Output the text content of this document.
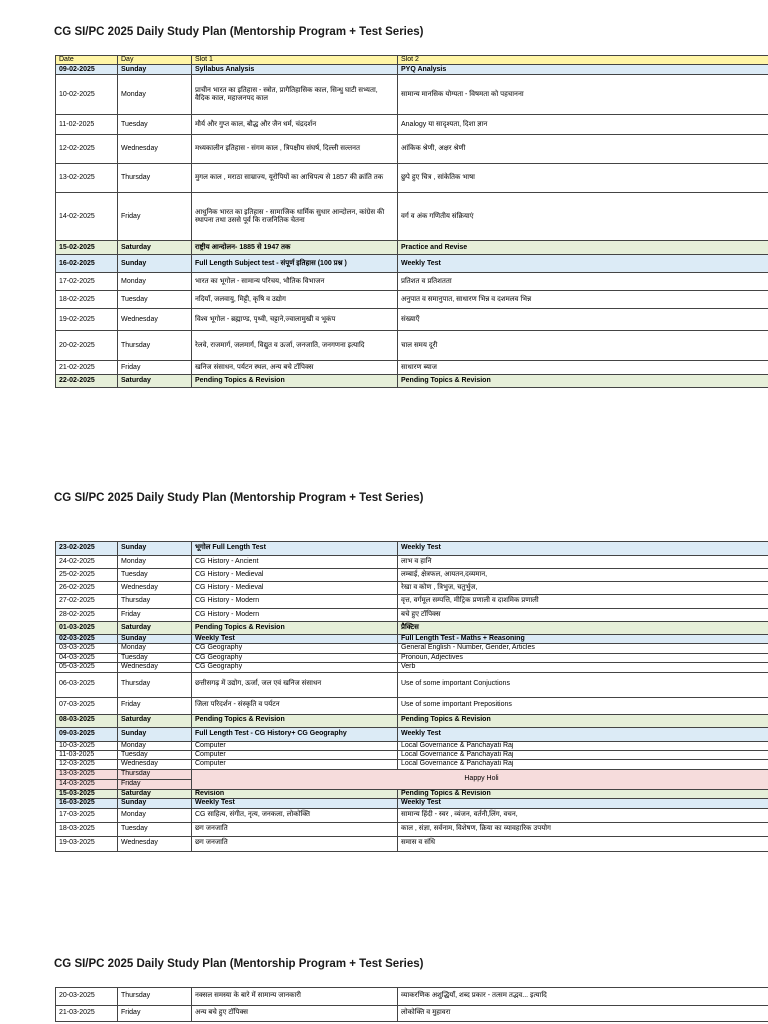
CG SI/PC 2025 Daily Study Plan (Mentorship Program + Test Series)
Date	Day	Slot 1	Slot 2
09-02-2025	Sunday	Syllabus Analysis	PYQ Analysis
10-02-2025	Monday	प्राचीन भारत का इतिहास - स्त्रोत, प्रागैतिहासिक काल, सिन्धु घाटी सभ्यता, वैदिक काल, महाजनपद काल	सामान्य मानसिक योग्यता - विषमता को पहचानना
11-02-2025	Tuesday	मौर्य और गुप्त काल, बौद्ध और जैन धर्म, चंद्रदर्शन	Analogy या सादृश्यता, दिशा ज्ञान
12-02-2025	Wednesday	मध्यकालीन इतिहास - संगम काल , त्रिपक्षीय संघर्ष, दिल्ली सल्तनत	आंकिक श्रेणी, अक्षर श्रेणी
13-02-2025	Thursday	मुगल काल , मराठा साम्राज्य, यूरोपियों का आधिपत्य से 1857 की क्रांति तक	छुपे हुए चित्र , सांकेतिक भाषा
14-02-2025	Friday	आधुनिक भारत का इतिहास - सामाजिक धार्मिक सुधार आन्दोलन, कांग्रेस की स्थापना तथा उससे पूर्व कि राजनितिक चेतना	वर्ग व अंक गणितीय संक्रियाएं
15-02-2025	Saturday	राष्ट्रीय आन्दोलन- 1885 से 1947 तक	Practice and Revise
16-02-2025	Sunday	Full Length Subject test - संपूर्ण इतिहास (100 प्रश्न )	Weekly Test
17-02-2025	Monday	भारत का भूगोल - सामान्य परिचय, भौतिक विभाजन	प्रतिशत व प्रतिशतता
18-02-2025	Tuesday	नदियाँ, जलवायु, मिट्टी, कृषि व उद्योग	अनुपात व समानुपात, साधारण भिन्न व दशमलव भिन्न
19-02-2025	Wednesday	विश्व भूगोल - ब्रह्माण्ड, पृथ्वी, चट्टाने,ज्वालामुखी व भूकंप	संख्याएँ
20-02-2025	Thursday	रेलवे, राजमार्ग, जलमार्ग, विद्युत व ऊर्जा, जनजाति, जनगणना इत्यादि	चाल समय दूरी
21-02-2025	Friday	खनिज संसाधन, पर्यटन स्थल, अन्य बचे टॉपिक्स	साधारण ब्याज
22-02-2025	Saturday	Pending Topics & Revision	Pending Topics & Revision
CG SI/PC 2025 Daily Study Plan (Mentorship Program + Test Series)
23-02-2025	Sunday	भूगोल Full Length Test	Weekly Test
24-02-2025	Monday	CG History - Ancient	लाभ व हानि
25-02-2025	Tuesday	CG History - Medieval	लम्बाई, क्षेत्रफल, आयतन,दव्यमान,
26-02-2025	Wednesday	CG History - Medieval	रेखा व कोण , त्रिभुज, चतुर्भुज,
27-02-2025	Thursday	CG History - Modern	वृत्त, वर्गमूल सम्पत्ति, मीट्रिक प्रणाली व दाशमिक प्रणाली
28-02-2025	Friday	CG History - Modern	बचे हुए टॉपिक्स
01-03-2025	Saturday	Pending Topics & Revision	प्रैक्टिस
02-03-2025	Sunday	Weekly Test	Full Length Test - Maths + Reasoning
03-03-2025	Monday	CG Geography	General English - Number, Gender, Articles
04-03-2025	Tuesday	CG Geography	Pronoun, Adjectives
05-03-2025	Wednesday	CG Geography	Verb
06-03-2025	Thursday	छत्तीसगढ़ में उद्योग, ऊर्जा, जल एवं खनिज संसाधन	Use of some important Conjuctions
07-03-2025	Friday	जिला परिदर्शन - संस्कृति व पर्यटन	Use of some important Prepositions
08-03-2025	Saturday	Pending Topics & Revision	Pending Topics & Revision
09-03-2025	Sunday	Full Length Test - CG History+ CG Geography	Weekly Test
10-03-2025	Monday	Computer	Local Governance & Panchayati Raj
11-03-2025	Tuesday	Computer	Local Governance & Panchayati Raj
12-03-2025	Wednesday	Computer	Local Governance & Panchayati Raj
13-03-2025	Thursday	Happy Holi	
14-03-2025	Friday		
15-03-2025	Saturday	Revision	Pending Topics & Revision
16-03-2025	Sunday	Weekly Test	Weekly Test
17-03-2025	Monday	CG साहित्य, संगीत, नृत्य, जनकला, लोकोक्ति	सामान्य हिंदी - स्वर , व्यंजन, वर्तनी,लिंग, वचन,
18-03-2025	Tuesday	छग जनजाति	काल , संज्ञा, सर्वनाम, विशेषण, क्रिया का व्यावहारिक उपयोग
19-03-2025	Wednesday	छग जनजाति	समास व संधि
CG SI/PC 2025 Daily Study Plan (Mentorship Program + Test Series)
20-03-2025	Thursday	नक्सल समस्या के बारे में सामान्य जानकारी	व्याकरणिक अशुद्धियाँ, शब्द प्रकार - तत्सम तद्भव... इत्यादि
21-03-2025	Friday	अन्य बचे हुए टॉपिक्स	लोकोक्ति व मुहावरा
